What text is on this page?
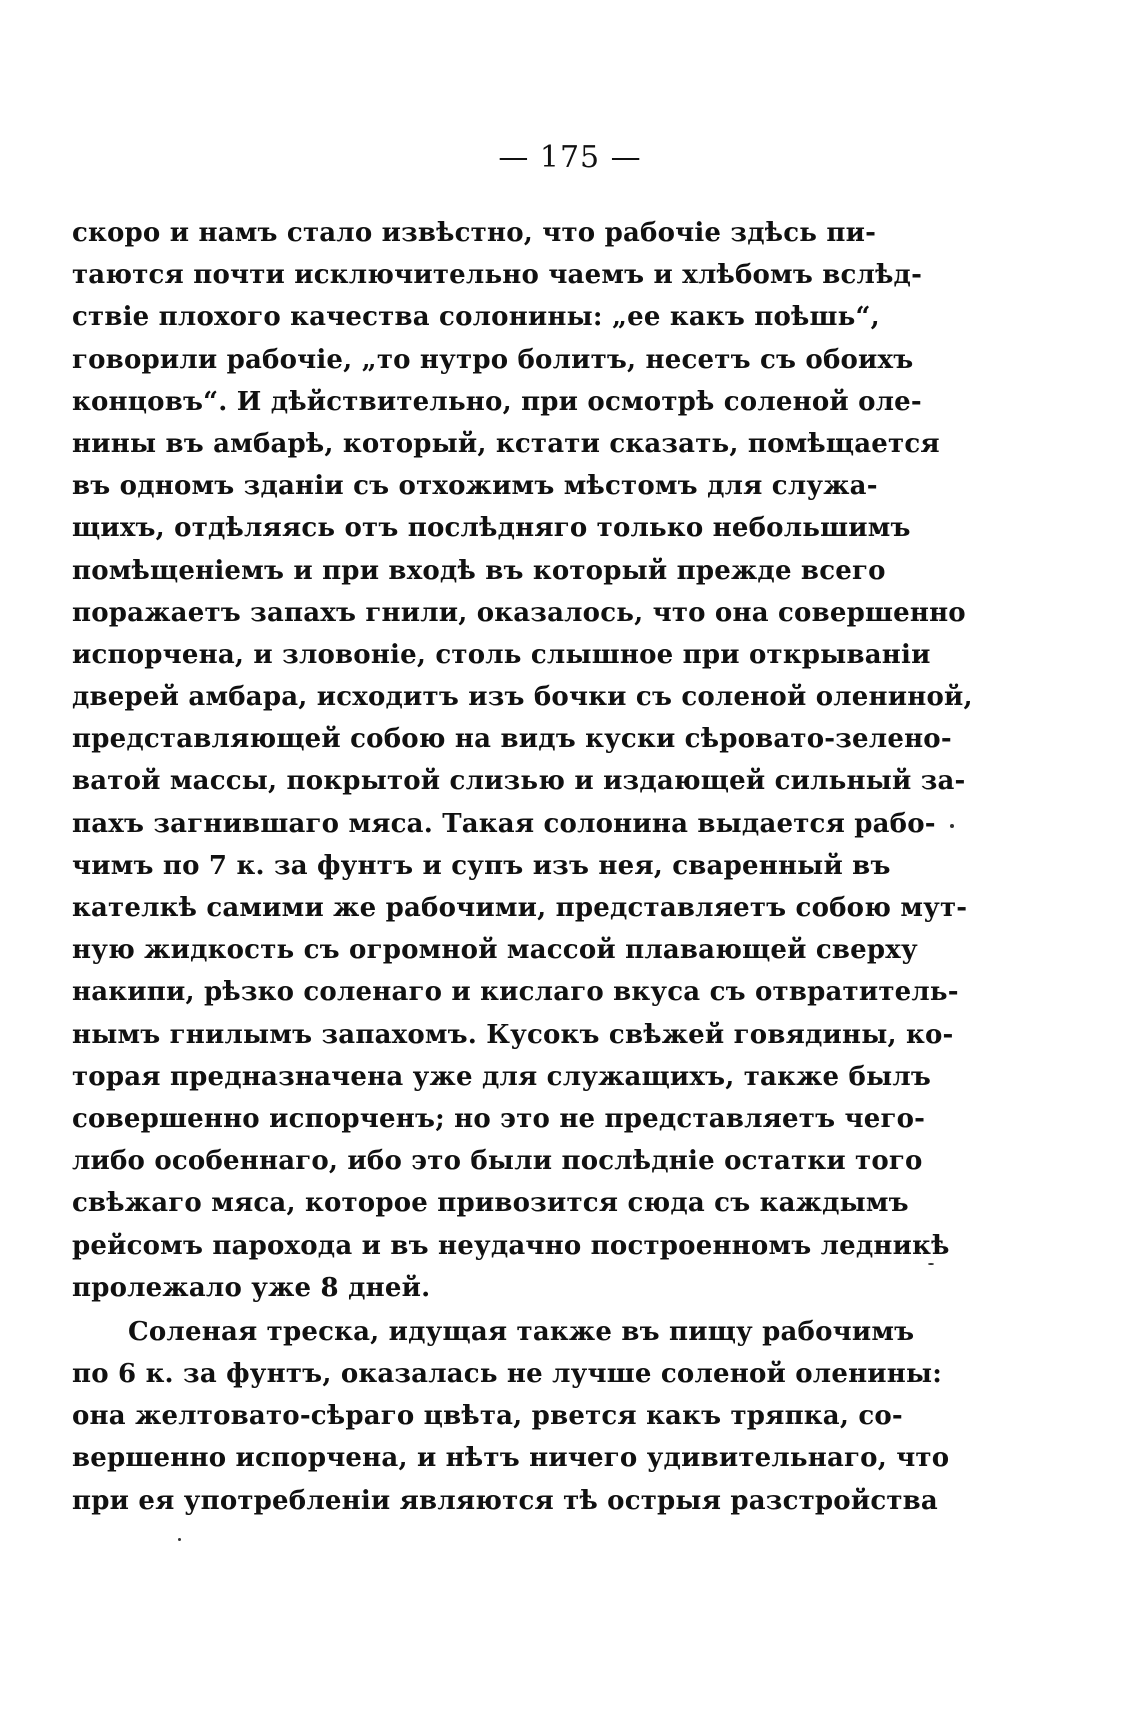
— 175 —
скоро и намъ стало извѣстно, что рабочіе здѣсь пи-
таются почти исключительно чаемъ и хлѣбомъ вслѣд-
ствіе плохого качества солонины: „ее какъ поѣшь“,
говорили рабочіе, „то нутро болитъ, несетъ съ обоихъ
концовъ“. И дѣйствительно, при осмотрѣ соленой оле-
нины въ амбарѣ, который, кстати сказать, помѣщается
въ одномъ зданіи съ отхожимъ мѣстомъ для служа-
щихъ, отдѣляясь отъ послѣдняго только небольшимъ
помѣщеніемъ и при входѣ въ который прежде всего
поражаетъ запахъ гнили, оказалось, что она совершенно
испорчена, и зловоніе, столь слышное при открываніи
дверей амбара, исходитъ изъ бочки съ соленой олениной,
представляющей собою на видъ куски сѣровато-зелено-
ватой массы, покрытой слизью и издающей сильный за-
пахъ загнившаго мяса. Такая солонина выдается рабо-
чимъ по 7 к. за фунтъ и супъ изъ нея, сваренный въ
кателкѣ самими же рабочими, представляетъ собою мут-
ную жидкость съ огромной массой плавающей сверху
накипи, рѣзко соленаго и кислаго вкуса съ отвратитель-
нымъ гнилымъ запахомъ. Кусокъ свѣжей говядины, ко-
торая предназначена уже для служащихъ, также былъ
совершенно испорченъ; но это не представляетъ чего-
либо особеннаго, ибо это были послѣдніе остатки того
свѣжаго мяса, которое привозится сюда съ каждымъ
рейсомъ парохода и въ неудачно построенномъ ледникѣ
пролежало уже 8 дней.
Соленая треска, идущая также въ пищу рабочимъ
по 6 к. за фунтъ, оказалась не лучше соленой оленины:
она желтовато-сѣраго цвѣта, рвется какъ тряпка, со-
вершенно испорчена, и нѣтъ ничего удивительнаго, что
при ея употребленіи являются тѣ острыя разстройства
